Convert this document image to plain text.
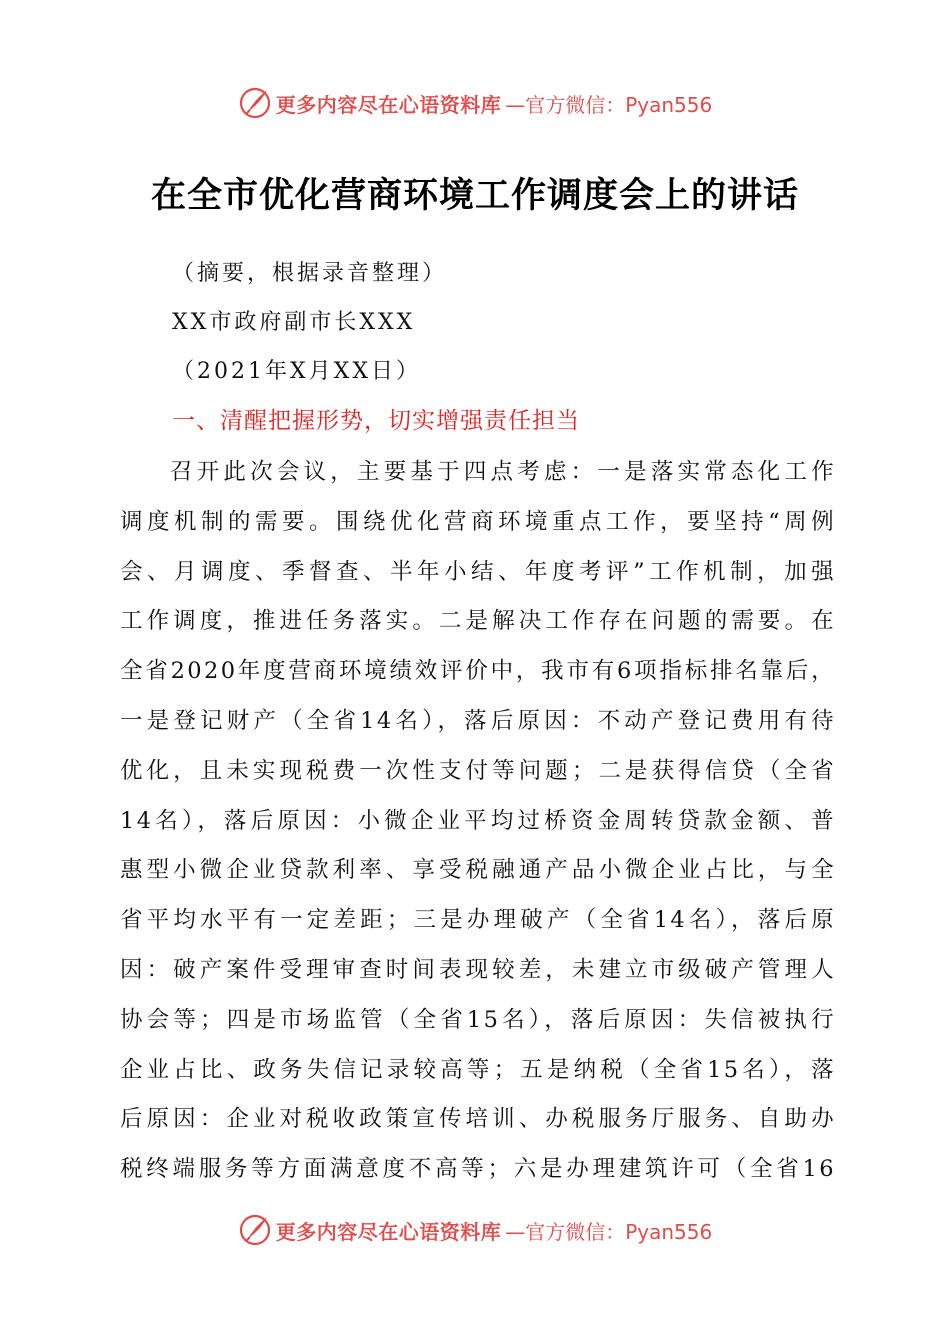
更多内容尽在心语资料库 —官方微信：Pyan556
在全市优化营商环境工作调度会上的讲话
（摘要，根据录音整理）
XX市政府副市长XXX
（2021年X月XX日）
一、清醒把握形势，切实增强责任担当
召开此次会议，主要基于四点考虑：一是落实常态化工作
调度机制的需要。围绕优化营商环境重点工作，要坚持“周例
会、月调度、季督查、半年小结、年度考评”工作机制，加强
工作调度，推进任务落实。二是解决工作存在问题的需要。在
全省2020年度营商环境绩效评价中，我市有6项指标排名靠后，
一是登记财产（全省14名），落后原因：不动产登记费用有待
优化，且未实现税费一次性支付等问题；二是获得信贷（全省
14名），落后原因：小微企业平均过桥资金周转贷款金额、普
惠型小微企业贷款利率、享受税融通产品小微企业占比，与全
省平均水平有一定差距；三是办理破产（全省14名），落后原
因：破产案件受理审查时间表现较差，未建立市级破产管理人
协会等；四是市场监管（全省15名），落后原因：失信被执行
企业占比、政务失信记录较高等；五是纳税（全省15名），落
后原因：企业对税收政策宣传培训、办税服务厅服务、自助办
税终端服务等方面满意度不高等；六是办理建筑许可（全省16
更多内容尽在心语资料库 —官方微信：Pyan556
